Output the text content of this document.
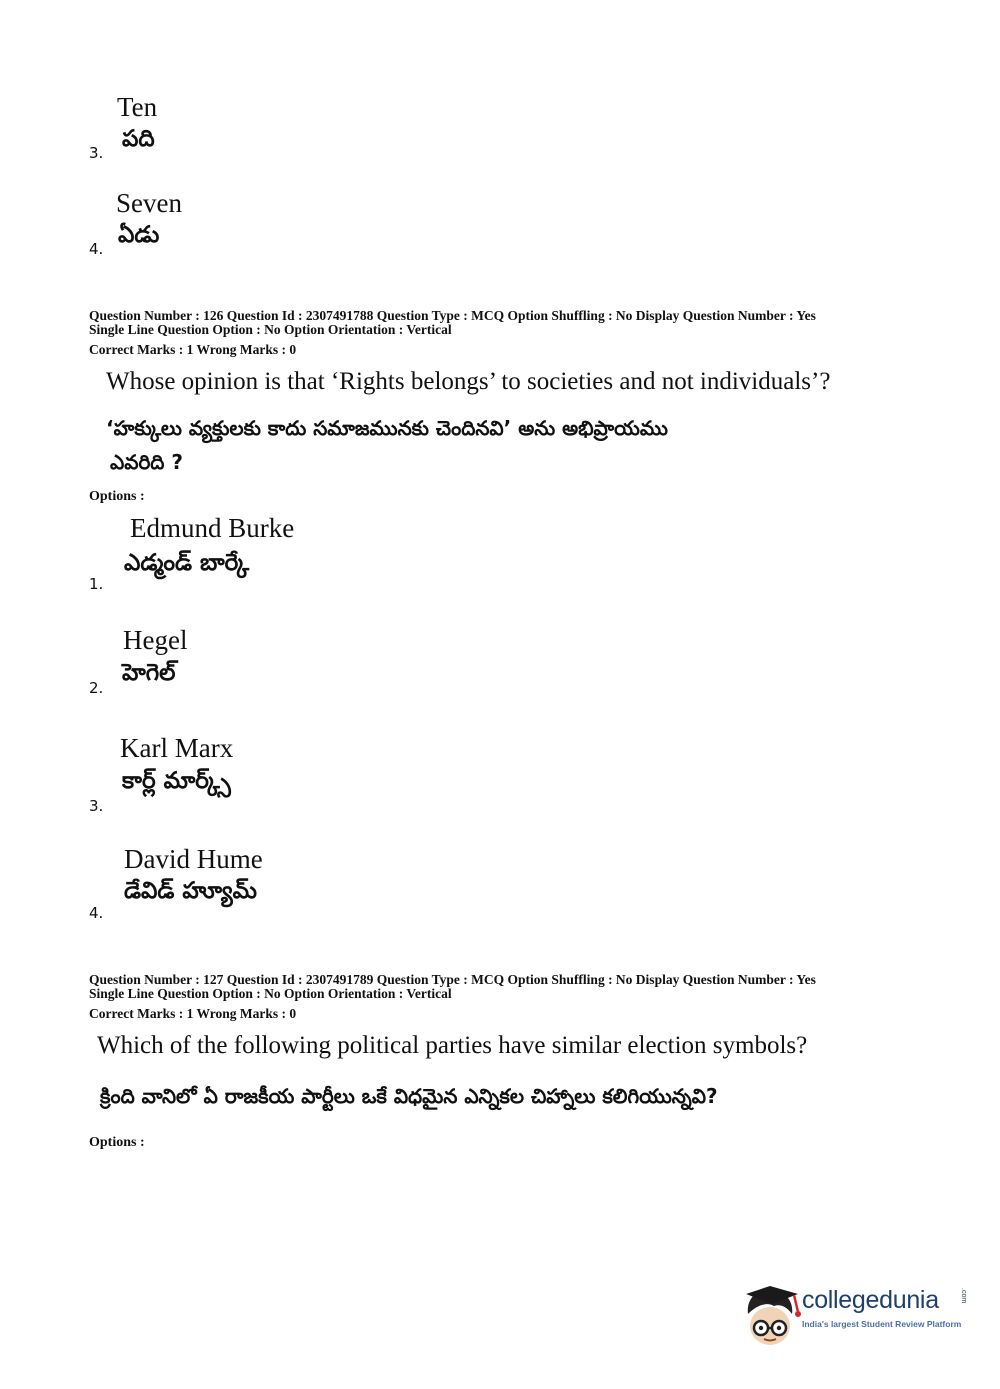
Ten
పది
3.
Seven
ఏడు
4.
Question Number : 126 Question Id : 2307491788 Question Type : MCQ Option Shuffling : No Display Question Number : Yes
Single Line Question Option : No Option Orientation : Vertical
Correct Marks : 1 Wrong Marks : 0
Whose opinion is that ‘Rights belongs’ to societies and not individuals’?
‘హక్కులు వ్యక్తులకు కాదు సమాజమునకు చెందినవి’ అను అభిప్రాయము
ఎవరిది ?
Options :
Edmund Burke
ఎడ్మండ్ బార్కే
1.
Hegel
హెగెల్
2.
Karl Marx
కార్ల్ మార్క్స్
3.
David Hume
డేవిడ్ హ్యూమ్
4.
Question Number : 127 Question Id : 2307491789 Question Type : MCQ Option Shuffling : No Display Question Number : Yes
Single Line Question Option : No Option Orientation : Vertical
Correct Marks : 1 Wrong Marks : 0
Which of the following political parties have similar election symbols?
క్రింది వానిలో ఏ రాజకీయ పార్టీలు ఒకే విధమైన ఎన్నికల చిహ్నాలు కలిగియున్నవి?
Options :
collegedunia	.com
India's largest Student Review Platform
